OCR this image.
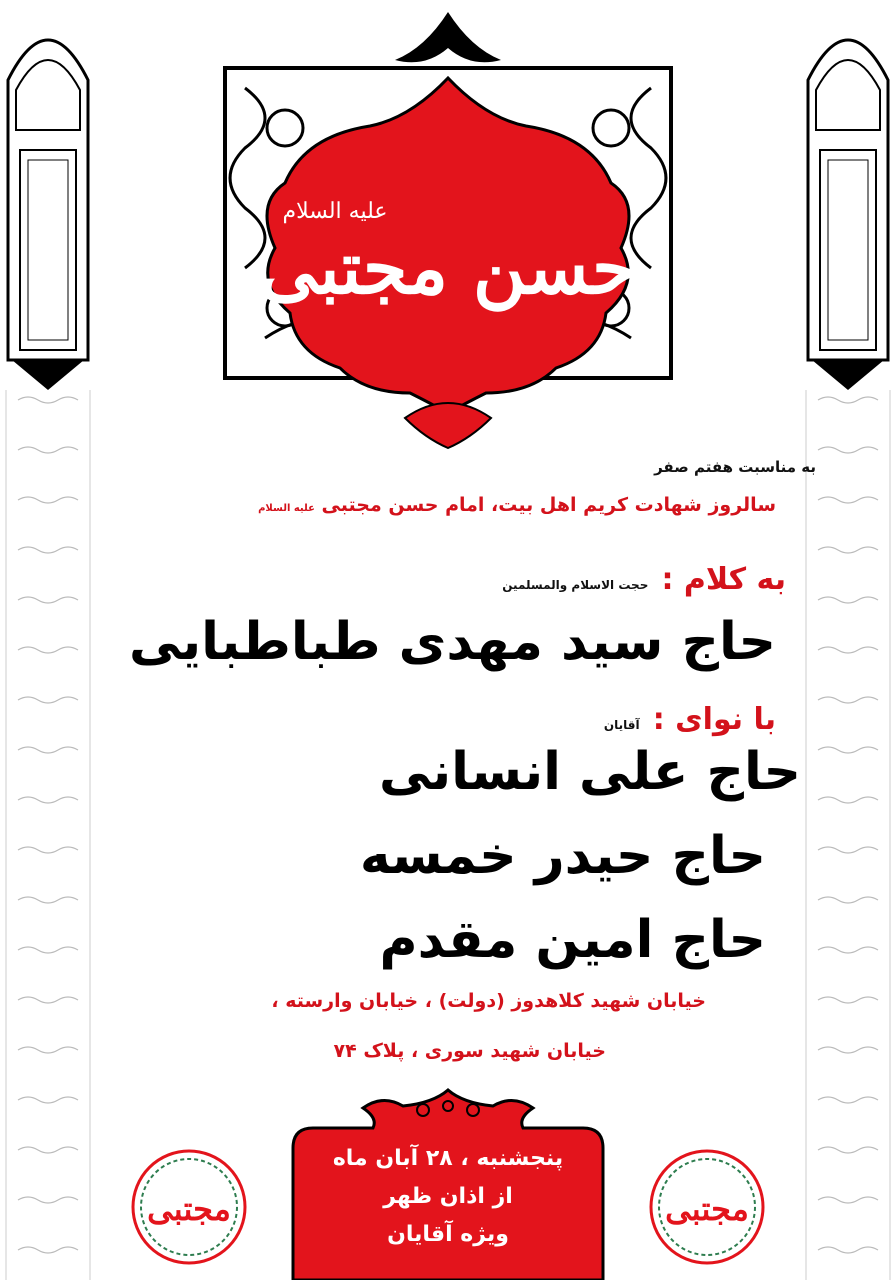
حسن مجتبی
علیه السلام
به مناسبت هفتم صفر
سالروز شهادت کریم اهل بیت، امام حسن مجتبی علیه السلام
به کلام : حجت الاسلام والمسلمین
حاج سید مهدی طباطبایی
با نوای : آقایان
حاج علی انسانی
حاج حیدر خمسه
حاج امین مقدم
خیابان شهید کلاهدوز (دولت) ، خیابان وارسته ،
خیابان شهید سوری ، پلاک ۷۴
پنجشنبه ، ۲۸ آبان ماه
از اذان ظهر
ویژه آقایان
مجتبی	مجتبی
